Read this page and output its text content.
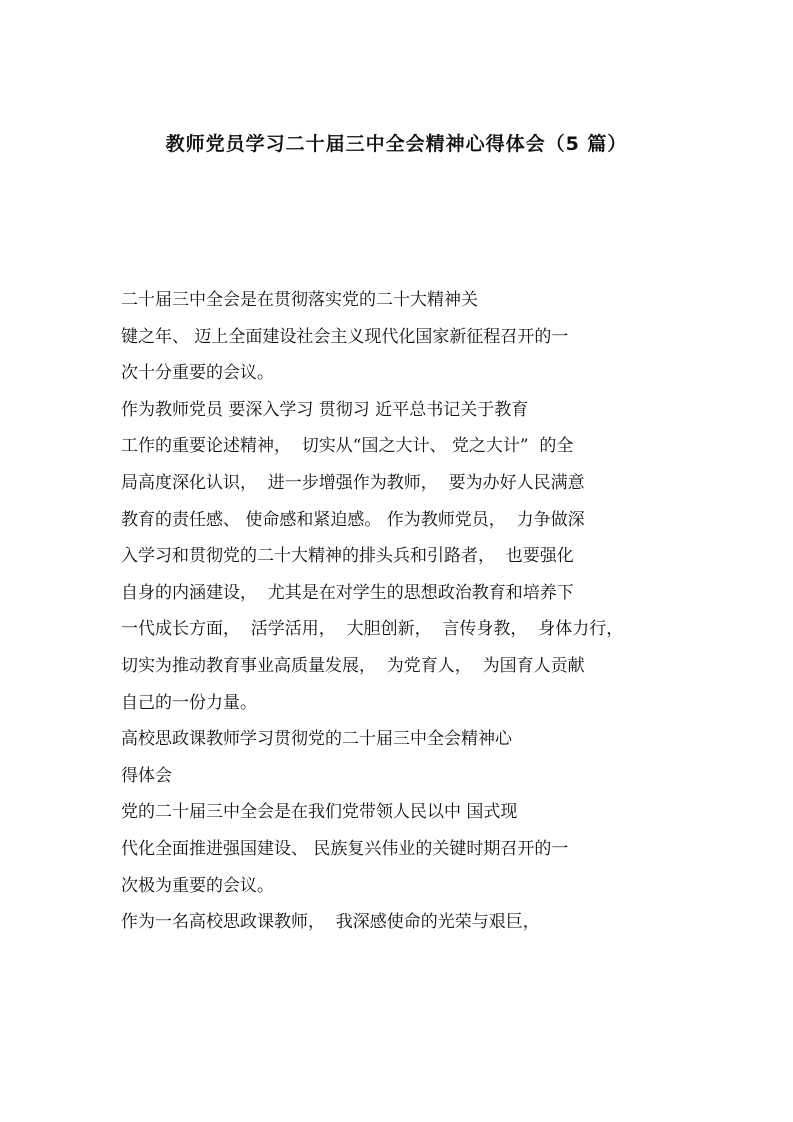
教师党员学习二十届三中全会精神心得体会（5 篇）
二十届三中全会是在贯彻落实党的二十大精神关
键之年、 迈上全面建设社会主义现代化国家新征程召开的一
次十分重要的会议。
作为教师党员 要深入学习 贯彻习 近平总书记关于教育
工作的重要论述精神，  切实从“国之大计、 党之大计”  的全
局高度深化认识，  进一步增强作为教师，  要为办好人民满意
教育的责任感、 使命感和紧迫感。 作为教师党员，  力争做深
入学习和贯彻党的二十大精神的排头兵和引路者，  也要强化
自身的内涵建设，  尤其是在对学生的思想政治教育和培养下
一代成长方面，  活学活用，  大胆创新，  言传身教，  身体力行，
切实为推动教育事业高质量发展，  为党育人，  为国育人贡献
自己的一份力量。
高校思政课教师学习贯彻党的二十届三中全会精神心
得体会
党的二十届三中全会是在我们党带领人民以中 国式现
代化全面推进强国建设、 民族复兴伟业的关键时期召开的一
次极为重要的会议。
作为一名高校思政课教师，  我深感使命的光荣与艰巨，
